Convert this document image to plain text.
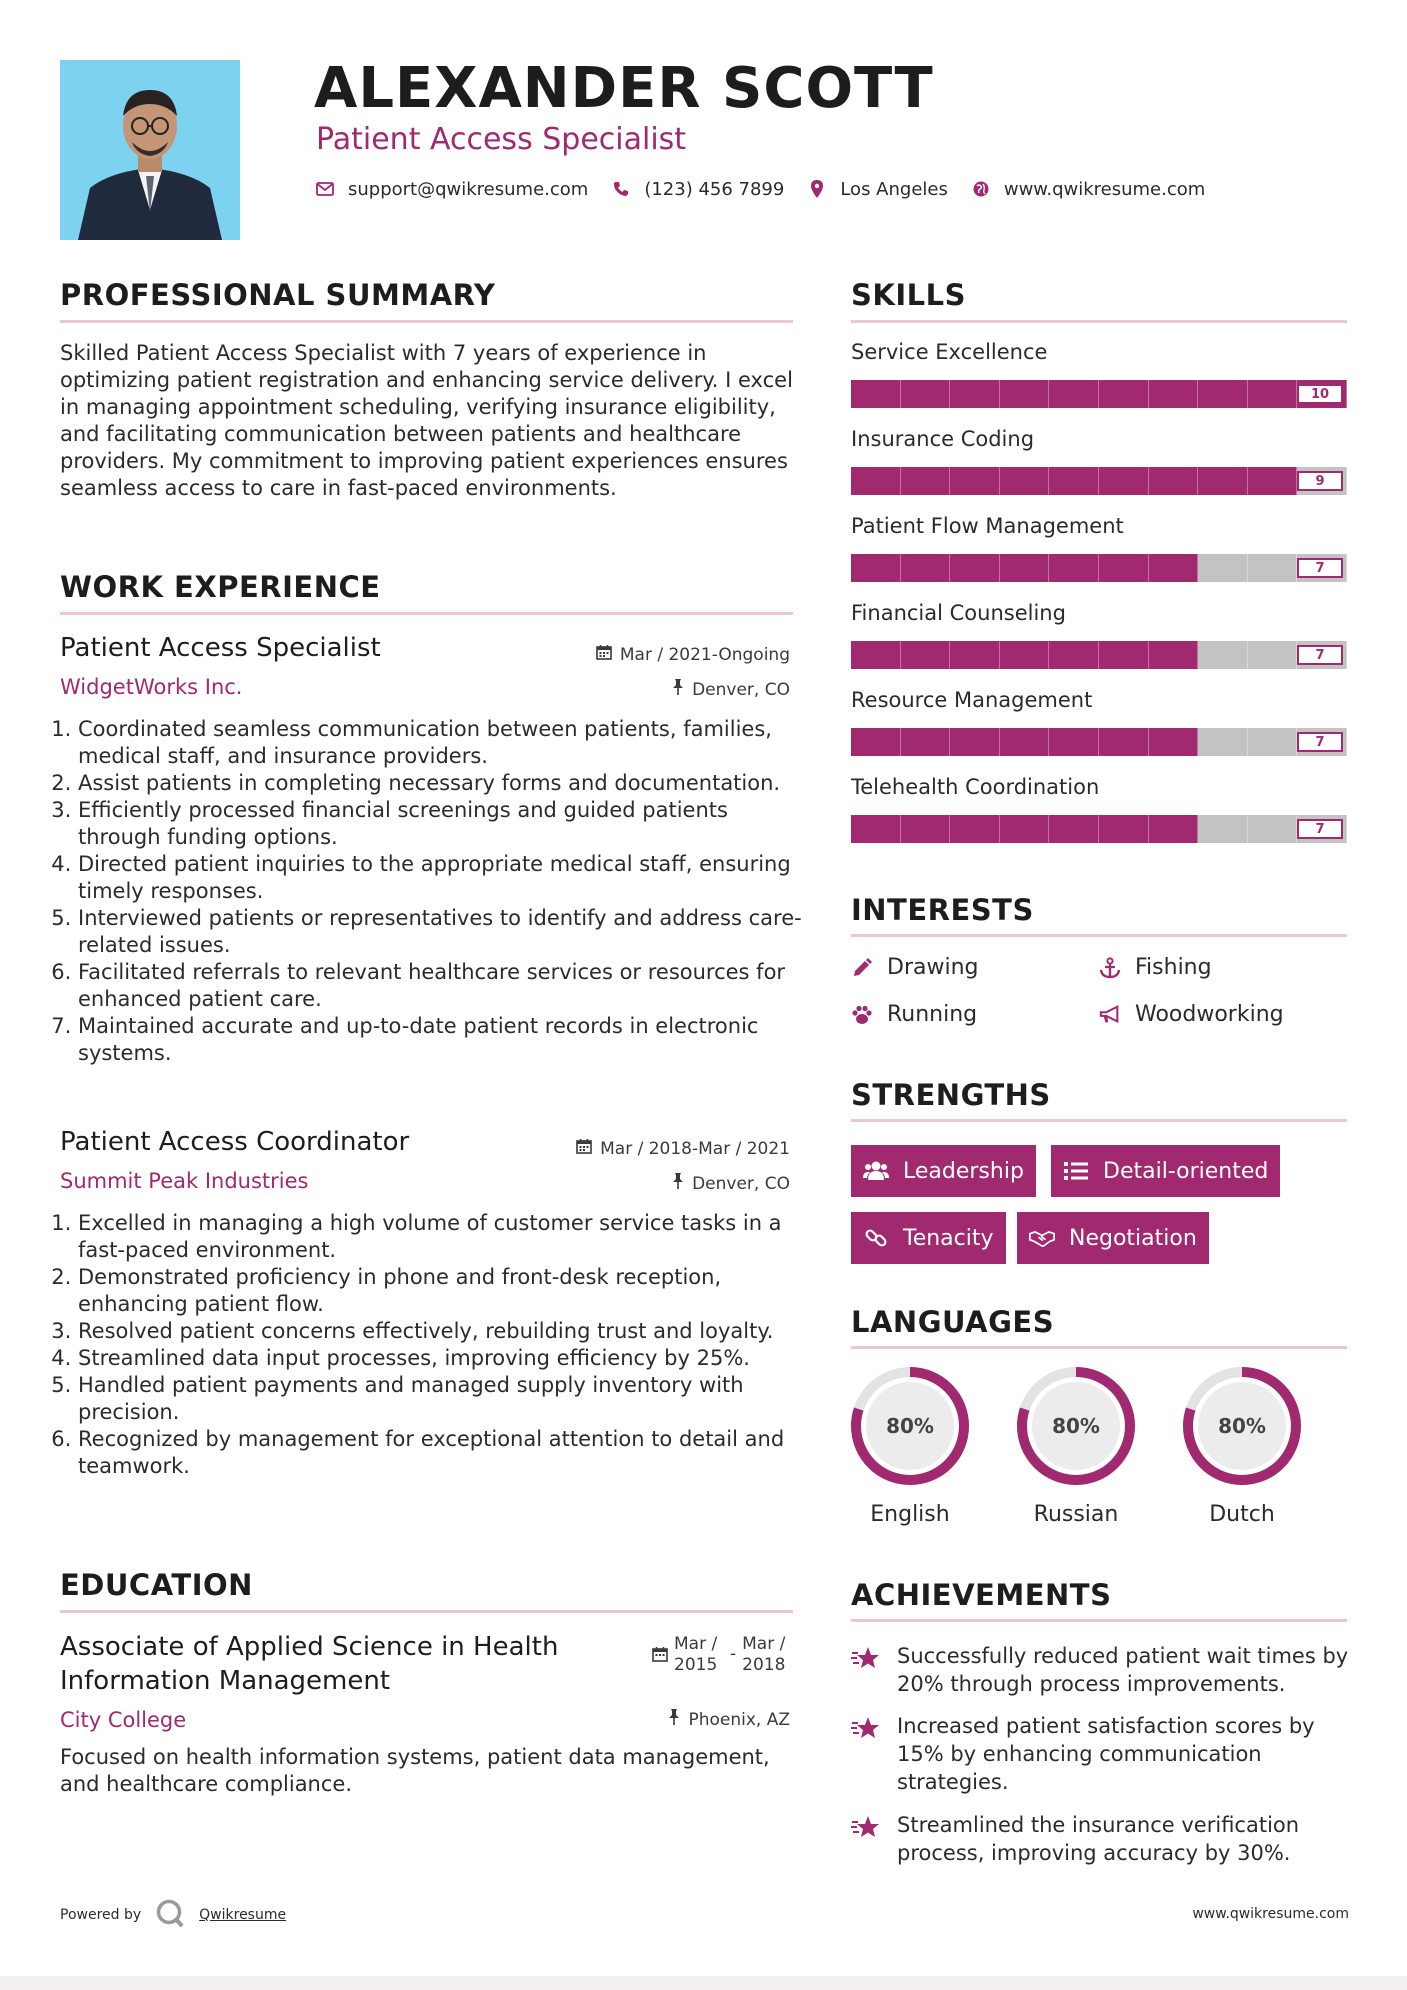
ALEXANDER SCOTT
Patient Access Specialist
support@qwikresume.com	(123) 456 7899	Los Angeles	www.qwikresume.com
PROFESSIONAL SUMMARY

Skilled Patient Access Specialist with 7 years of experience in optimizing patient registration and enhancing service delivery. I excel in managing appointment scheduling, verifying insurance eligibility, and facilitating communication between patients and healthcare providers. My commitment to improving patient experiences ensures seamless access to care in fast-paced environments.

WORK EXPERIENCE
Patient Access Specialist	Mar / 2021-Ongoing
WidgetWorks Inc.	Denver, CO
1. Coordinated seamless communication between patients, families, medical staff, and insurance providers.
2. Assist patients in completing necessary forms and documentation.
3. Efficiently processed financial screenings and guided patients through funding options.
4. Directed patient inquiries to the appropriate medical staff, ensuring timely responses.
5. Interviewed patients or representatives to identify and address care-related issues.
6. Facilitated referrals to relevant healthcare services or resources for enhanced patient care.
7. Maintained accurate and up-to-date patient records in electronic systems.
Patient Access Coordinator	Mar / 2018-Mar / 2021
Summit Peak Industries	Denver, CO
1. Excelled in managing a high volume of customer service tasks in a fast-paced environment.
2. Demonstrated proficiency in phone and front-desk reception, enhancing patient flow.
3. Resolved patient concerns effectively, rebuilding trust and loyalty.
4. Streamlined data input processes, improving efficiency by 25%.
5. Handled patient payments and managed supply inventory with precision.
6. Recognized by management for exceptional attention to detail and teamwork.
EDUCATION
Associate of Applied Science in Health Information Management
Mar / 2015
- Mar / 2018
City College	Phoenix, AZ

Focused on health information systems, patient data management, and healthcare compliance.

SKILLS
Service Excellence
10
Insurance Coding
9
Patient Flow Management
7
Financial Counseling
7
Resource Management
7
Telehealth Coordination
7
INTERESTS
Drawing	Fishing
Running	Woodworking
STRENGTHS
Leadership	Detail-oriented
Tenacity	Negotiation
LANGUAGES
80%
English
80%
Russian
80%
Dutch
ACHIEVEMENTS
Successfully reduced patient wait times by 20% through process improvements.
Increased patient satisfaction scores by 15% by enhancing communication strategies.
Streamlined the insurance verification process, improving accuracy by 30%.
Powered by	Qwikresume	www.qwikresume.com
